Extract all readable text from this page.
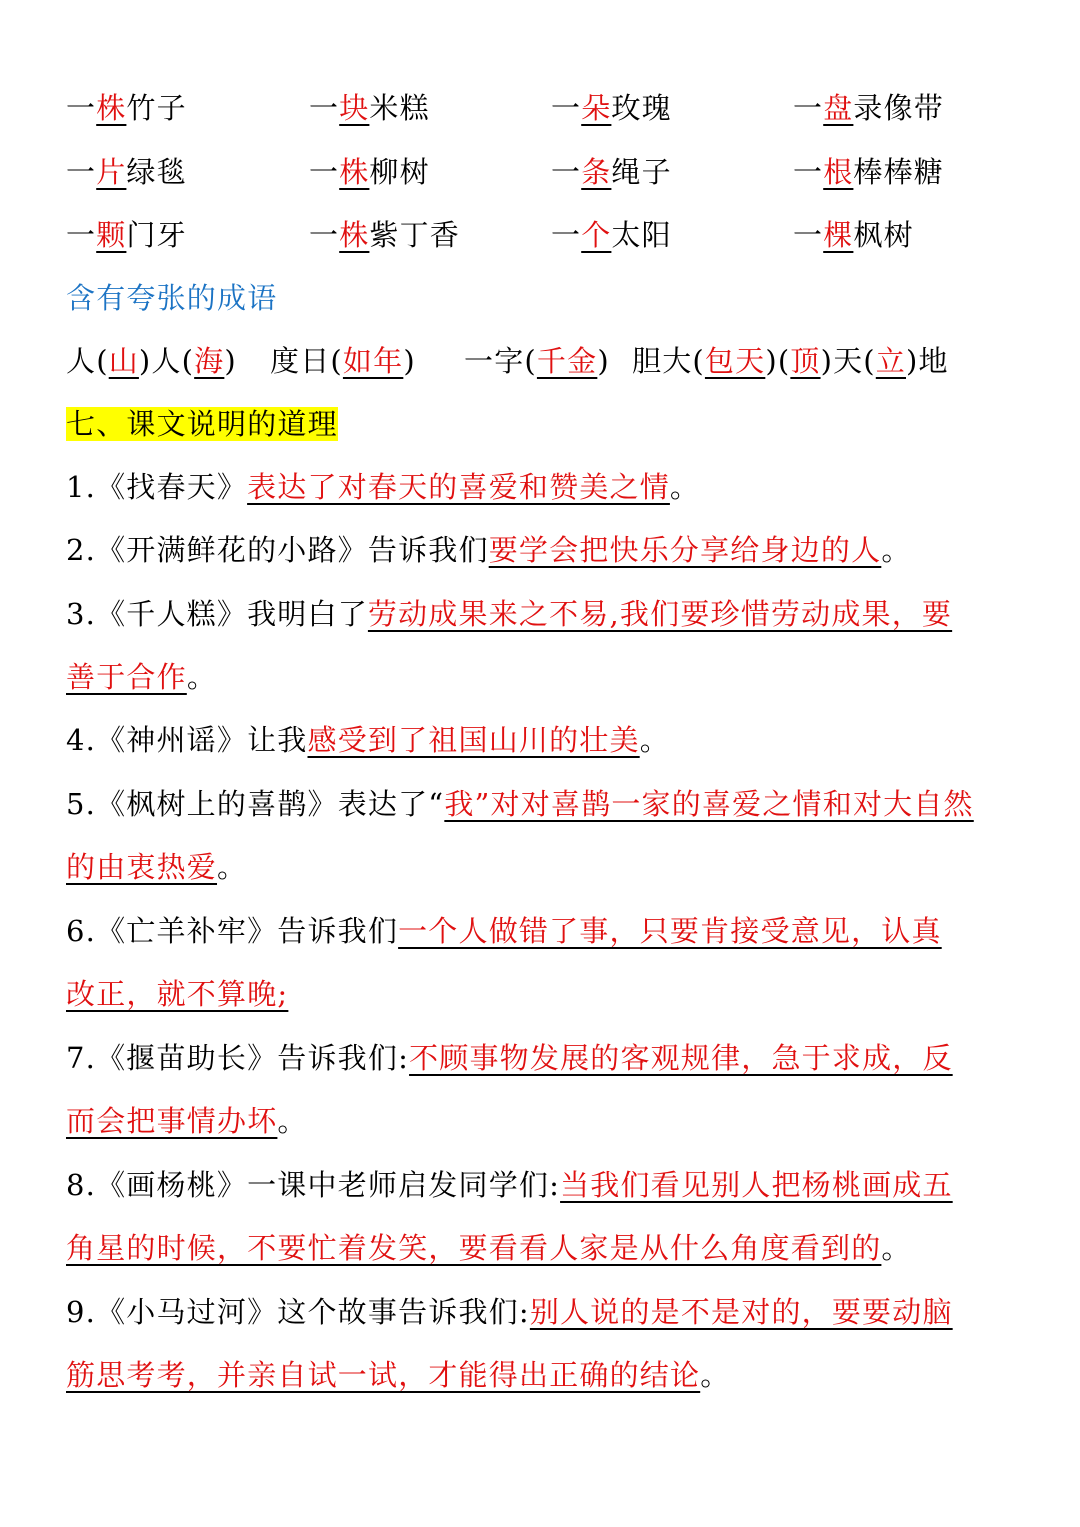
一株竹子	一块米糕	一朵玫瑰	一盘录像带
一片绿毯	一株柳树	一条绳子	一根棒棒糖
一颗门牙	一株紫丁香	一个太阳	一棵枫树
含有夸张的成语
人(山)人(海) 度日(如年) 一字(千金) 胆大(包天)(顶)天(立)地
七、课文说明的道理
1.《找春天》表达了对春天的喜爱和赞美之情。
2.《开满鲜花的小路》告诉我们要学会把快乐分享给身边的人。
3.《千人糕》我明白了劳动成果来之不易,我们要珍惜劳动成果，要
善于合作。
4.《神州谣》让我感受到了祖国山川的壮美。
5.《枫树上的喜鹊》表达了“我”对对喜鹊一家的喜爱之情和对大自然
的由衷热爱。
6.《亡羊补牢》告诉我们一个人做错了事，只要肯接受意见，认真
改正，就不算晚;
7.《揠苗助长》告诉我们:不顾事物发展的客观规律，急于求成，反
而会把事情办坏。
8.《画杨桃》一课中老师启发同学们:当我们看见别人把杨桃画成五
角星的时候，不要忙着发笑，要看看人家是从什么角度看到的。
9.《小马过河》这个故事告诉我们:别人说的是不是对的，要要动脑
筋思考考，并亲自试一试，才能得出正确的结论。
